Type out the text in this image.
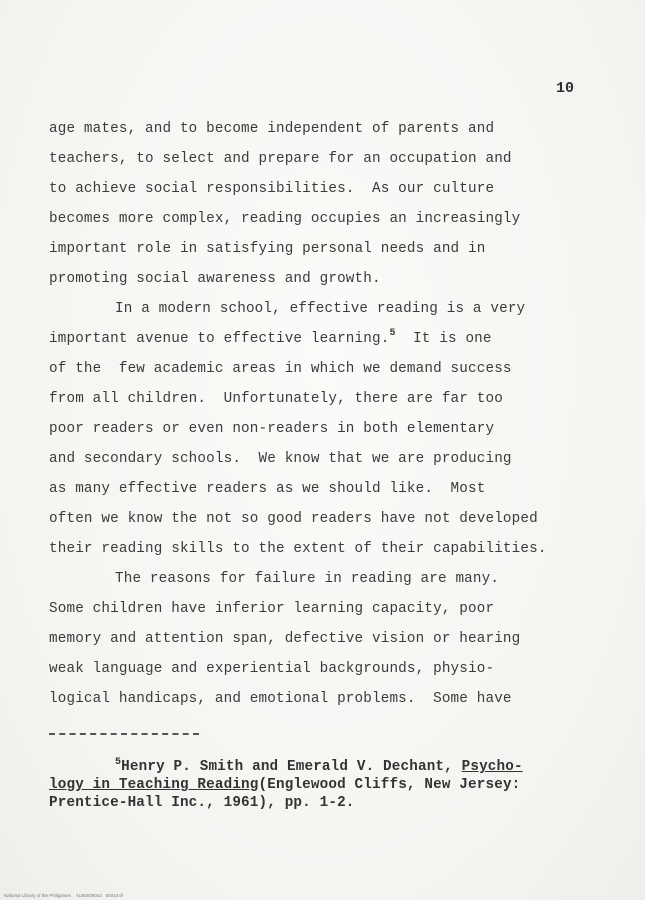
10
age mates, and to become independent of parents and
teachers, to select and prepare for an occupation and
to achieve social responsibilities.  As our culture
becomes more complex, reading occupies an increasingly
important role in satisfying personal needs and in
promoting social awareness and growth.
In a modern school, effective reading is a very
important avenue to effective learning.$^5$  It is one
of the  few academic areas in which we demand success
from all children.  Unfortunately, there are far too
poor readers or even non-readers in both elementary
and secondary schools.  We know that we are producing
as many effective readers as we should like.  Most
often we know the not so good readers have not developed
their reading skills to the extent of their capabilities.
The reasons for failure in reading are many.
Some children have inferior learning capacity, poor
memory and attention span, defective vision or hearing
weak language and experiential backgrounds, physio-
logical handicaps, and emotional problems.  Some have
$^5$Henry P. Smith and Emerald V. Dechant, Psycho-
logy in Teaching Reading(Englewood Cliffs, New Jersey:
Prentice-Hall Inc., 1961), pp. 1-2.
National Library of the Philippines    ALB0029043   00010.tif
